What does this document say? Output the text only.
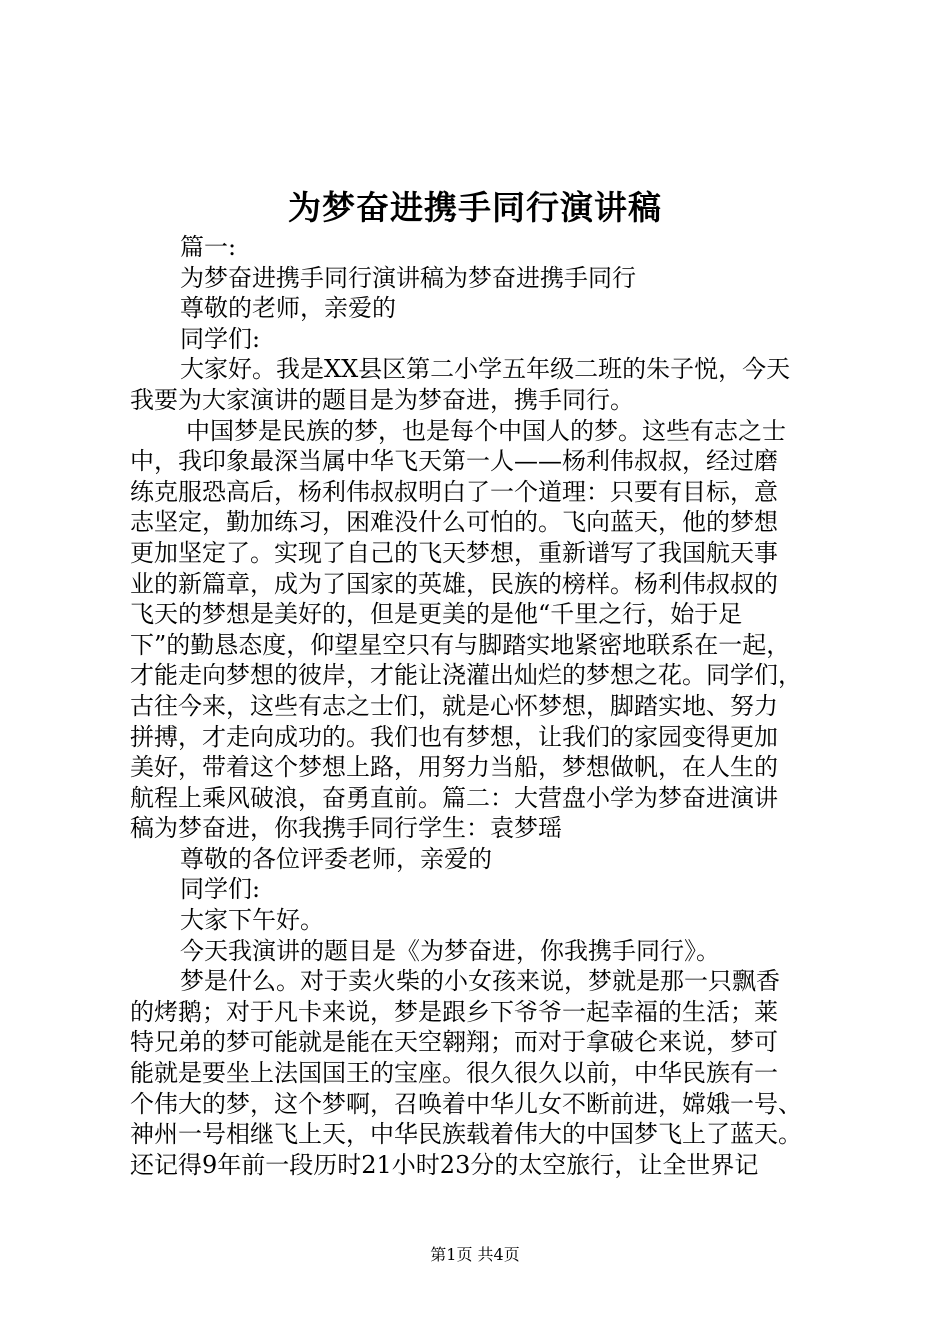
为梦奋进携手同行演讲稿
篇一:
为梦奋进携手同行演讲稿为梦奋进携手同行
尊敬的老师，亲爱的
同学们:
大家好。我是XX县区第二小学五年级二班的朱子悦，今天
我要为大家演讲的题目是为梦奋进，携手同行。
中国梦是民族的梦，也是每个中国人的梦。这些有志之士
中，我印象最深当属中华飞天第一人——杨利伟叔叔，经过磨
练克服恐高后，杨利伟叔叔明白了一个道理：只要有目标，意
志坚定，勤加练习，困难没什么可怕的。飞向蓝天，他的梦想
更加坚定了。实现了自己的飞天梦想，重新谱写了我国航天事
业的新篇章，成为了国家的英雄，民族的榜样。杨利伟叔叔的
飞天的梦想是美好的，但是更美的是他“千里之行，始于足
下”的勤恳态度，仰望星空只有与脚踏实地紧密地联系在一起，
才能走向梦想的彼岸，才能让浇灌出灿烂的梦想之花。同学们，
古往今来，这些有志之士们，就是心怀梦想，脚踏实地、努力
拼搏，才走向成功的。我们也有梦想，让我们的家园变得更加
美好，带着这个梦想上路，用努力当船，梦想做帆，在人生的
航程上乘风破浪，奋勇直前。篇二：大营盘小学为梦奋进演讲
稿为梦奋进，你我携手同行学生：袁梦瑶
尊敬的各位评委老师，亲爱的
同学们:
大家下午好。
今天我演讲的题目是《为梦奋进，你我携手同行》。
梦是什么。对于卖火柴的小女孩来说，梦就是那一只飘香
的烤鹅；对于凡卡来说，梦是跟乡下爷爷一起幸福的生活；莱
特兄弟的梦可能就是能在天空翱翔；而对于拿破仑来说，梦可
能就是要坐上法国国王的宝座。很久很久以前，中华民族有一
个伟大的梦，这个梦啊，召唤着中华儿女不断前进，嫦娥一号、
神州一号相继飞上天，中华民族载着伟大的中国梦飞上了蓝天。
还记得9年前一段历时21小时23分的太空旅行，让全世界记
第1页 共4页
